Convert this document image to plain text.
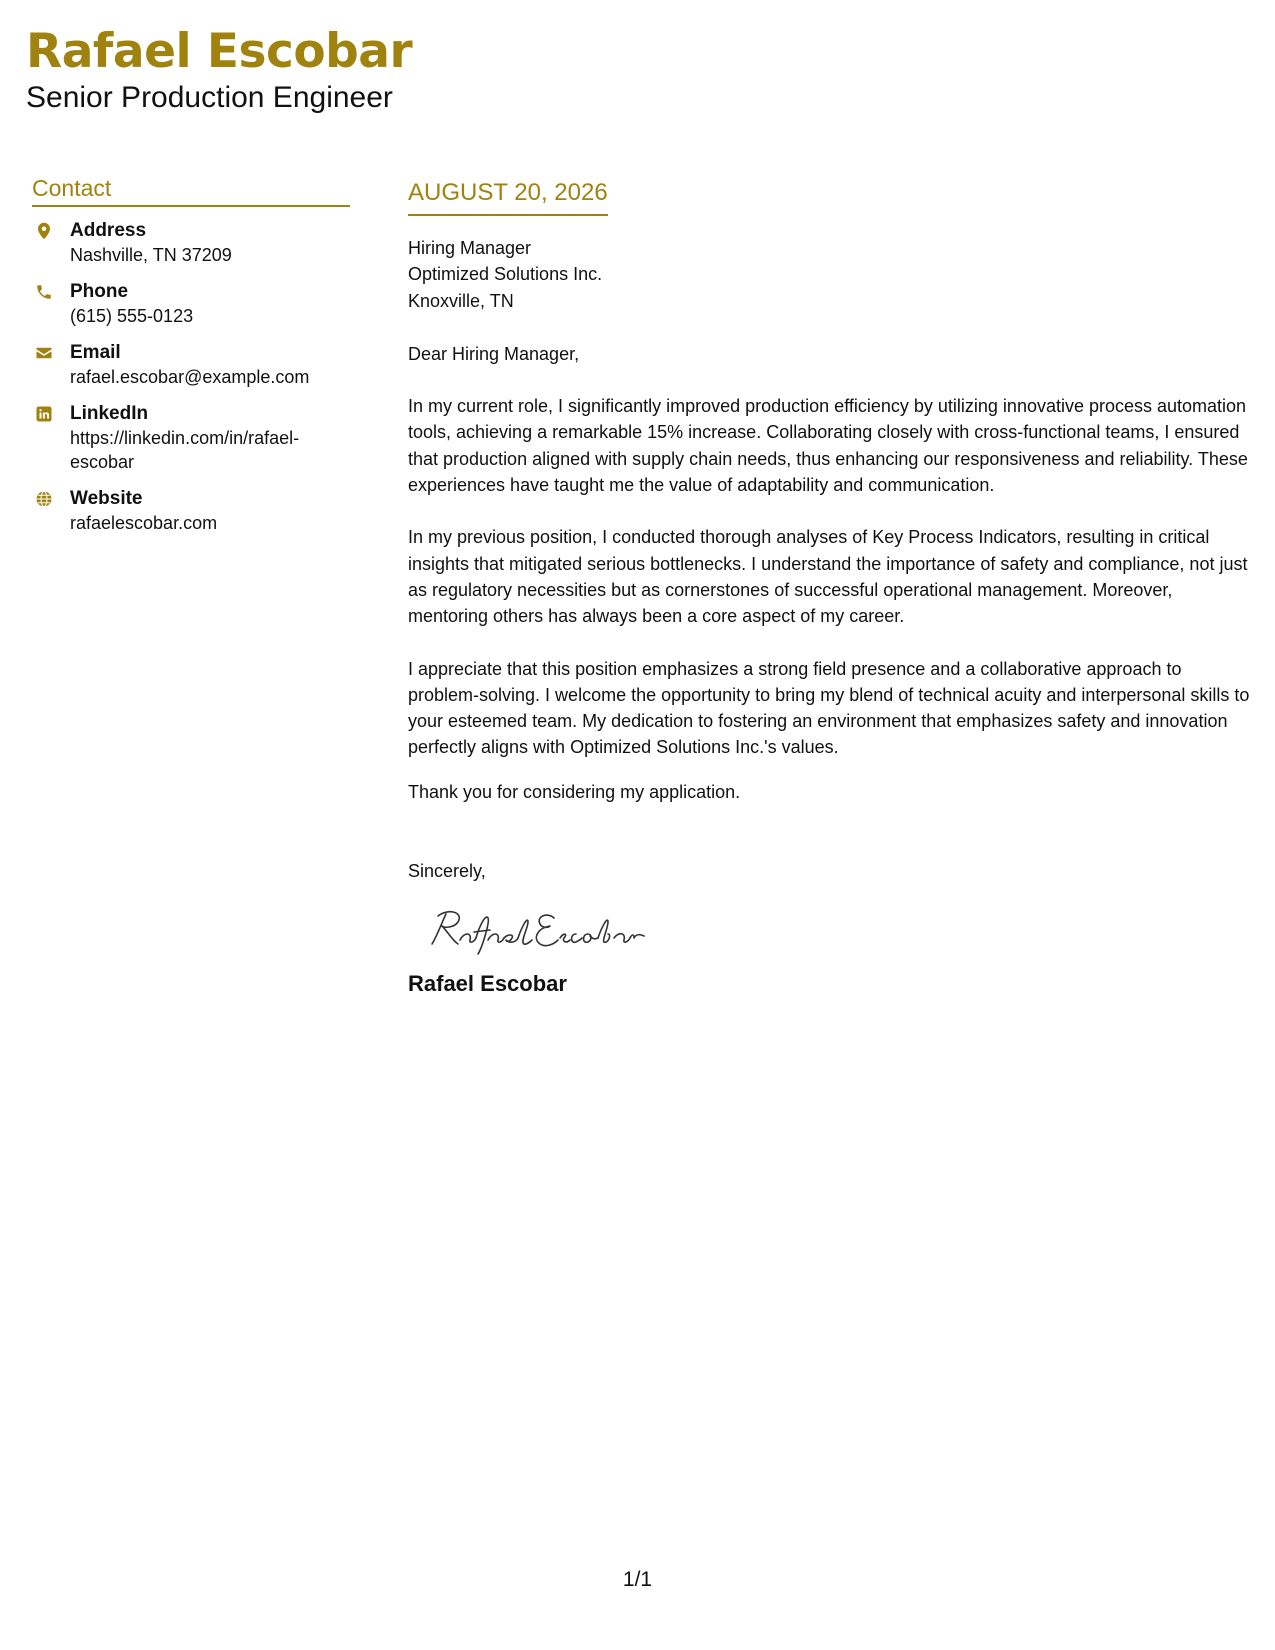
Rafael Escobar
Senior Production Engineer
Contact
Address
Nashville, TN 37209
Phone
(615) 555-0123
Email
rafael.escobar@example.com
LinkedIn
https://linkedin.com/in/rafael-escobar
Website
rafaelescobar.com
AUGUST 20, 2026
Hiring Manager
Optimized Solutions Inc.
Knoxville, TN
Dear Hiring Manager,
In my current role, I significantly improved production efficiency by utilizing innovative process automation tools, achieving a remarkable 15% increase. Collaborating closely with cross-functional teams, I ensured that production aligned with supply chain needs, thus enhancing our responsiveness and reliability. These experiences have taught me the value of adaptability and communication.
In my previous position, I conducted thorough analyses of Key Process Indicators, resulting in critical insights that mitigated serious bottlenecks. I understand the importance of safety and compliance, not just as regulatory necessities but as cornerstones of successful operational management. Moreover, mentoring others has always been a core aspect of my career.
I appreciate that this position emphasizes a strong field presence and a collaborative approach to problem-solving. I welcome the opportunity to bring my blend of technical acuity and interpersonal skills to your esteemed team. My dedication to fostering an environment that emphasizes safety and innovation perfectly aligns with Optimized Solutions Inc.'s values.
Thank you for considering my application.
Sincerely,
Rafael Escobar
1/1
